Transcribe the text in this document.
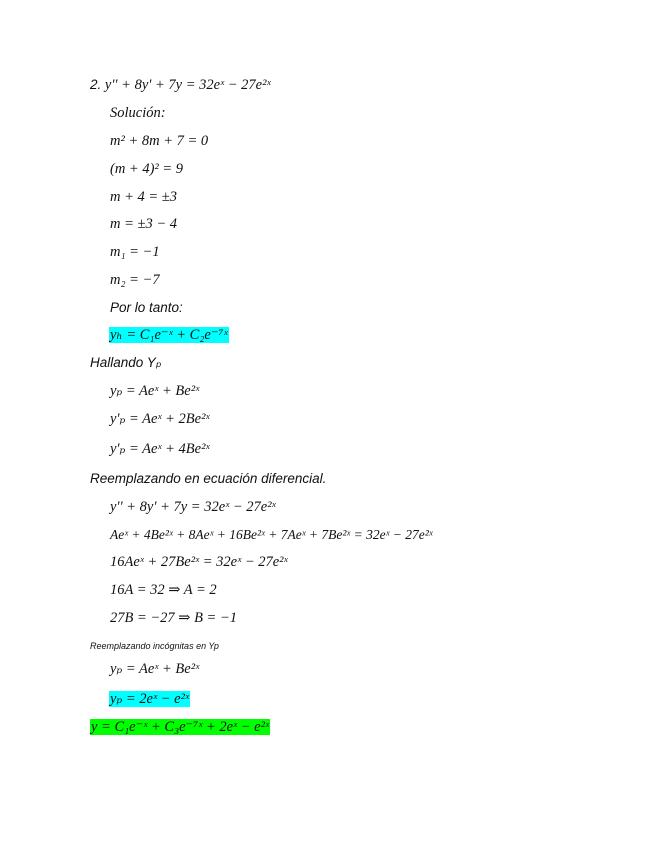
2. y'' + 8y' + 7y = 32eˣ − 27e²ˣ
Solución:
m² + 8m + 7 = 0
(m + 4)² = 9
m + 4 = ±3
m = ±3 − 4
m₁ = −1
m₂ = −7
Por lo tanto:
yₕ = C₁e⁻ˣ + C₂e⁻⁷ˣ
Hallando Yₚ
yₚ = Aeˣ + Be²ˣ
y'ₚ = Aeˣ + 2Be²ˣ
y'ₚ = Aeˣ + 4Be²ˣ
Reemplazando en ecuación diferencial.
y'' + 8y' + 7y = 32eˣ − 27e²ˣ
Aeˣ + 4Be²ˣ + 8Aeˣ + 16Be²ˣ + 7Aeˣ + 7Be²ˣ = 32eˣ − 27e²ˣ
16Aeˣ + 27Be²ˣ = 32eˣ − 27e²ˣ
16A = 32 ⇒ A = 2
27B = −27 ⇒ B = −1
Reemplazando incógnitas en Yp
yₚ = Aeˣ + Be²ˣ
yₚ = 2eˣ − e²ˣ
y = C₁e⁻ˣ + C₃e⁻⁷ˣ + 2eˣ − e²ˣ
